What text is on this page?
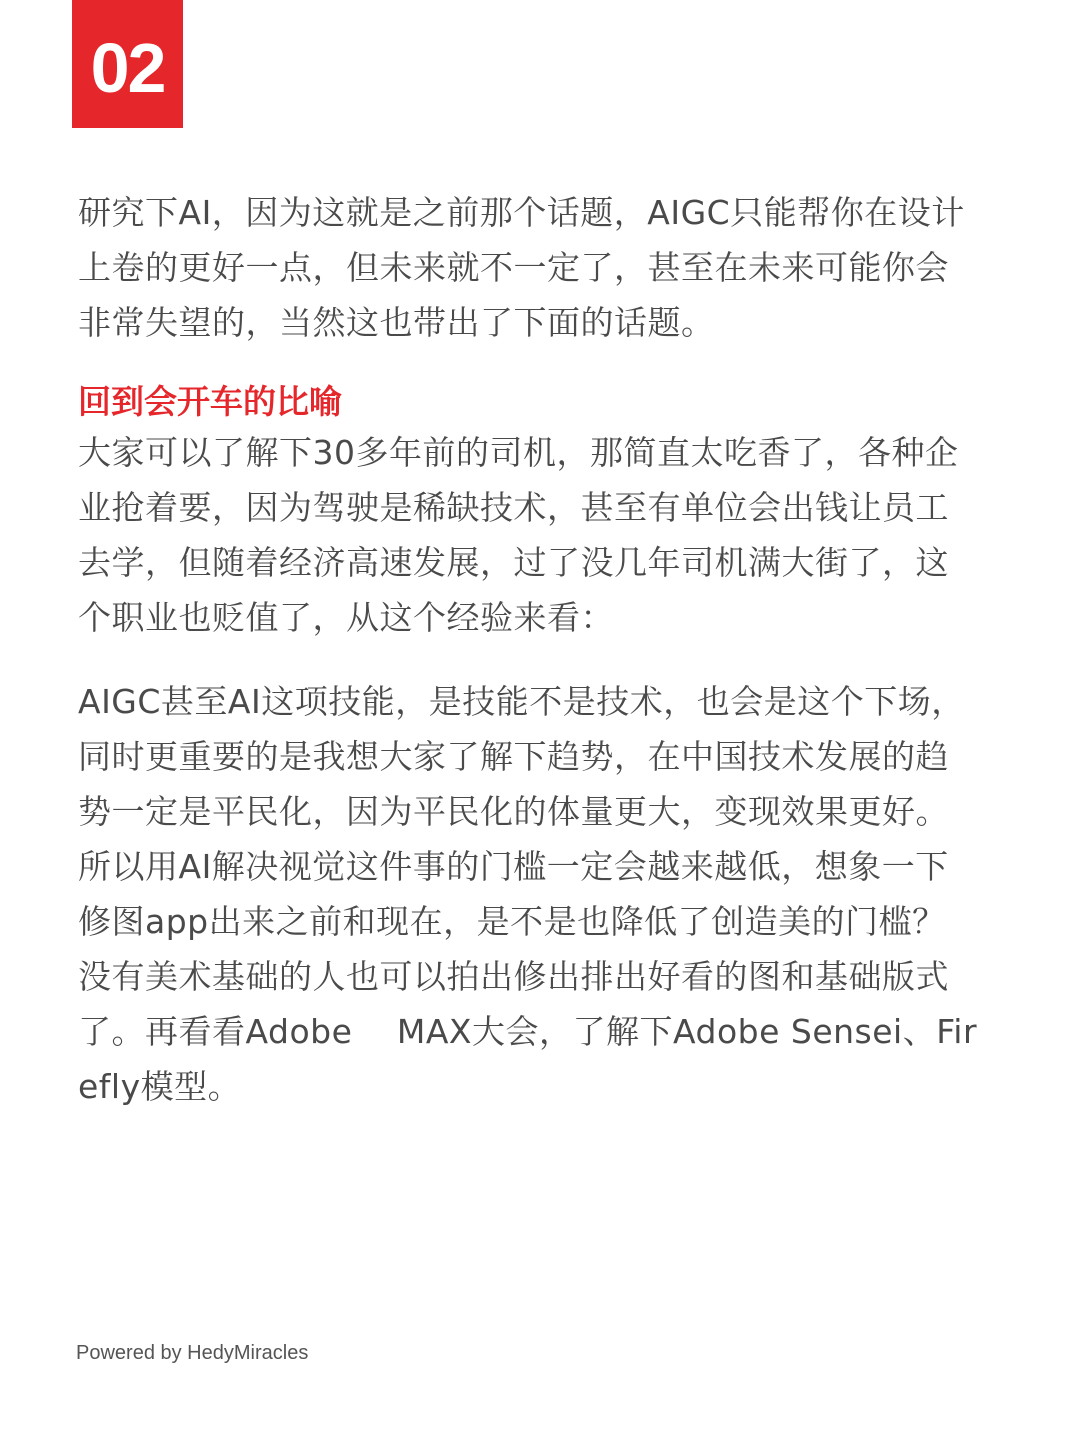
02

研究下AI，因为这就是之前那个话题，AIGC只能帮你在设计上卷的更好一点，但未来就不一定了，甚至在未来可能你会非常失望的，当然这也带出了下面的话题。

回到会开车的比喻

大家可以了解下30多年前的司机，那简直太吃香了，各种企业抢着要，因为驾驶是稀缺技术，甚至有单位会出钱让员工去学，但随着经济高速发展，过了没几年司机满大街了，这个职业也贬值了，从这个经验来看：

AIGC甚至AI这项技能，是技能不是技术，也会是这个下场，同时更重要的是我想大家了解下趋势，在中国技术发展的趋势一定是平民化，因为平民化的体量更大，变现效果更好。所以用AI解决视觉这件事的门槛一定会越来越低，想象一下修图app出来之前和现在，是不是也降低了创造美的门槛？没有美术基础的人也可以拍出修出排出好看的图和基础版式了。再看看Adobe　 MAX大会，了解下Adobe Sensei、Firefly模型。

Powered by HedyMiracles
